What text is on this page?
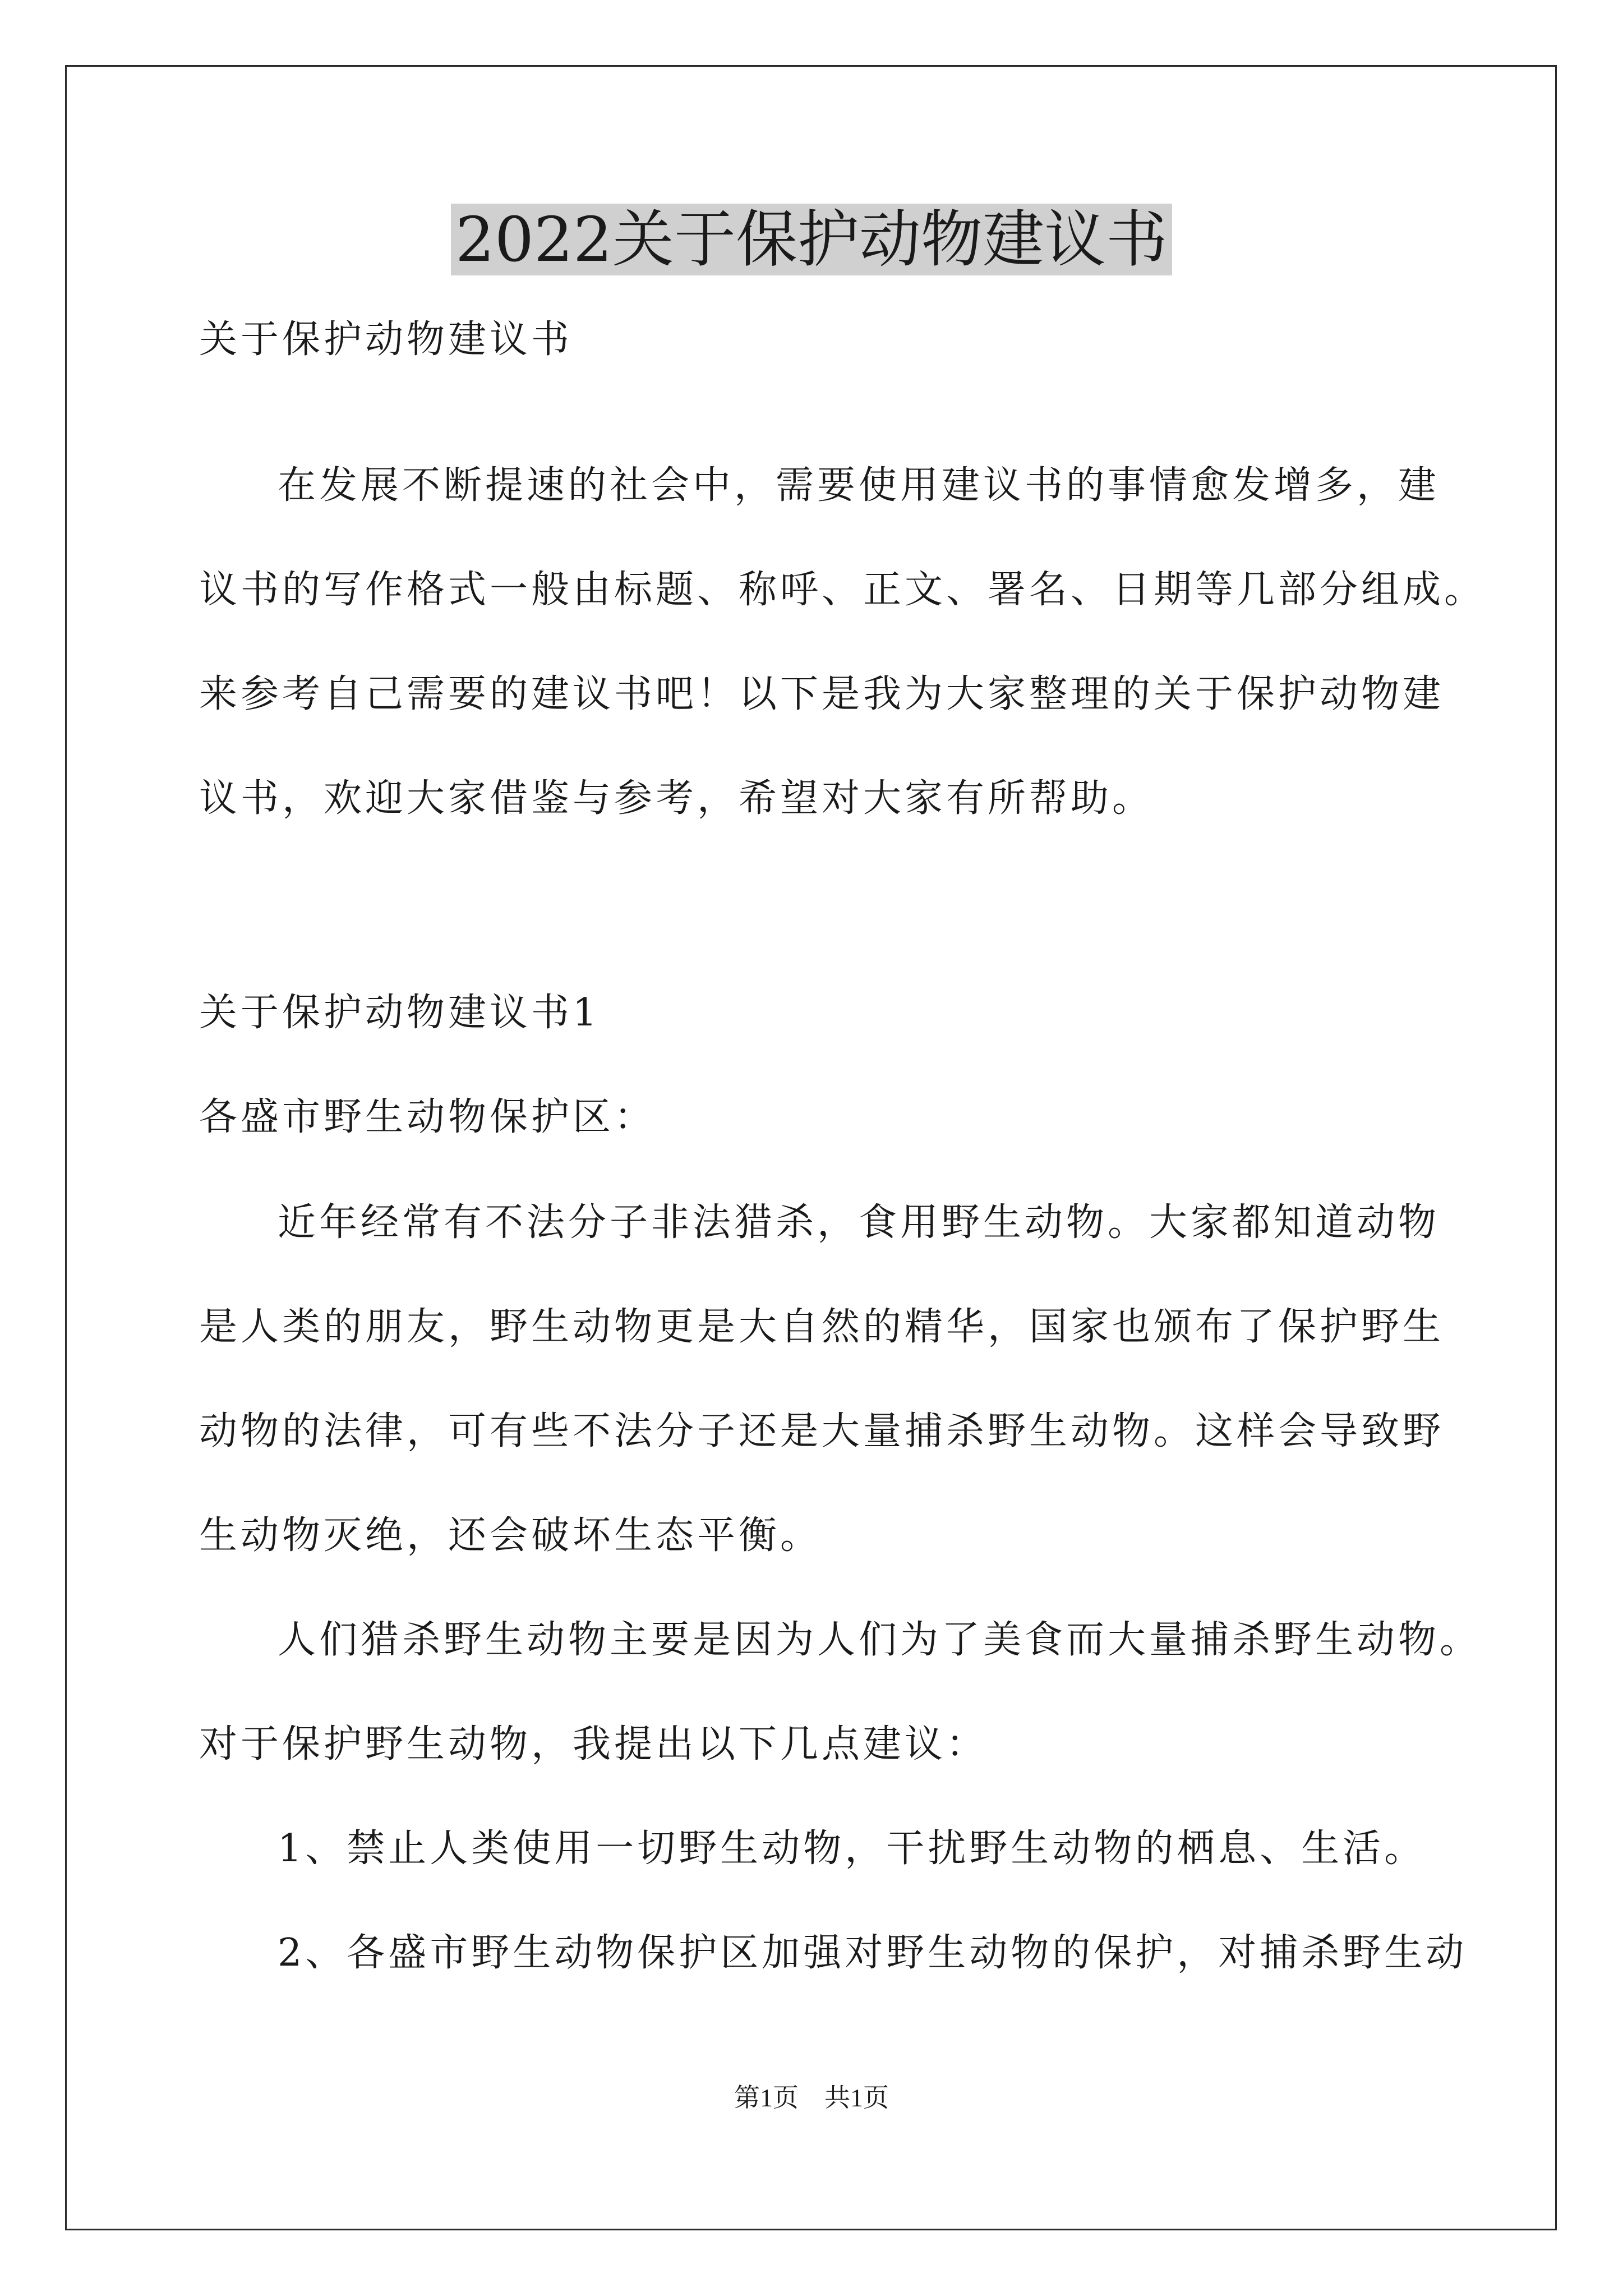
2022关于保护动物建议书

关于保护动物建议书

在发展不断提速的社会中，需要使用建议书的事情愈发增多，建

议书的写作格式一般由标题、称呼、正文、署名、日期等几部分组成。

来参考自己需要的建议书吧！以下是我为大家整理的关于保护动物建

议书，欢迎大家借鉴与参考，希望对大家有所帮助。

关于保护动物建议书1

各盛市野生动物保护区：

近年经常有不法分子非法猎杀，食用野生动物。大家都知道动物

是人类的朋友，野生动物更是大自然的精华，国家也颁布了保护野生

动物的法律，可有些不法分子还是大量捕杀野生动物。这样会导致野

生动物灭绝，还会破坏生态平衡。

人们猎杀野生动物主要是因为人们为了美食而大量捕杀野生动物。

对于保护野生动物，我提出以下几点建议：

1、禁止人类使用一切野生动物，干扰野生动物的栖息、生活。

2、各盛市野生动物保护区加强对野生动物的保护，对捕杀野生动

第1页　共1页
